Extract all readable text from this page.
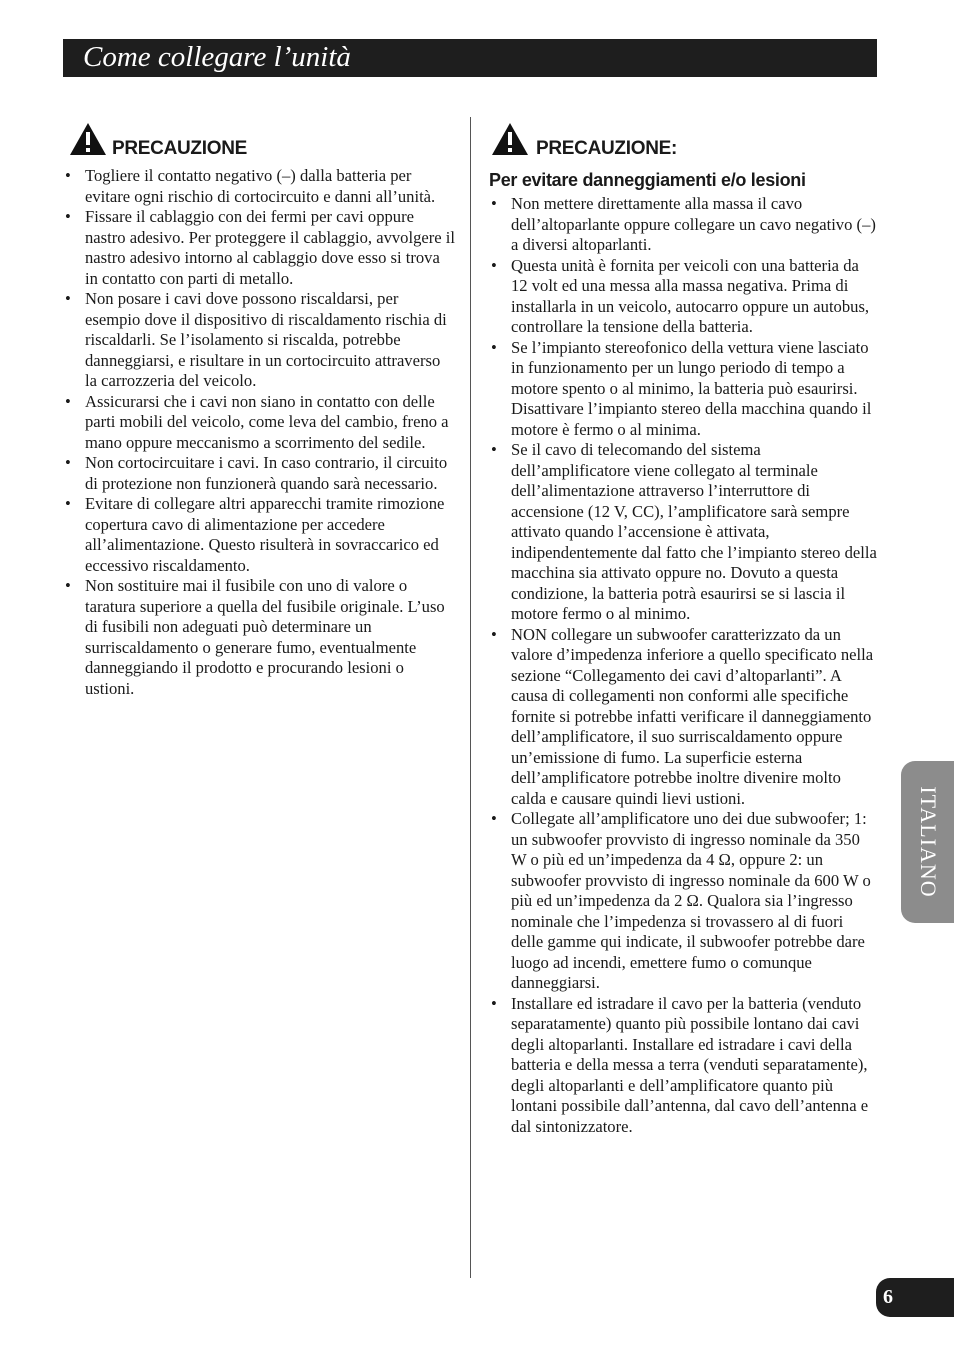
Come collegare l’unità
PRECAUZIONE
• Togliere il contatto negativo (–) dalla batteria per evitare ogni rischio di cortocircuito e danni all’unità.
• Fissare il cablaggio con dei fermi per cavi oppure nastro adesivo. Per proteggere il cablaggio, avvolgere il nastro adesivo intorno al cablaggio dove esso si trova in contatto con parti di metallo.
• Non posare i cavi dove possono riscaldarsi, per esempio dove il dispositivo di riscaldamento rischia di riscaldarli. Se l’isolamento si riscalda, potrebbe danneggiarsi, e risultare in un cortocircuito attraverso la carrozzeria del veicolo.
• Assicurarsi che i cavi non siano in contatto con delle parti mobili del veicolo, come leva del cambio, freno a mano oppure meccanismo a scorrimento del sedile.
• Non cortocircuitare i cavi. In caso contrario, il circuito di protezione non funzionerà quando sarà necessario.
• Evitare di collegare altri apparecchi tramite rimozione copertura cavo di alimentazione per accedere all’alimentazione. Questo risulterà in sovraccarico ed eccessivo riscaldamento.
• Non sostituire mai il fusibile con uno di valore o taratura superiore a quella del fusibile originale. L’uso di fusibili non adeguati può determinare un surriscaldamento o generare fumo, eventualmente danneggiando il prodotto e procurando lesioni o ustioni.
PRECAUZIONE:
Per evitare danneggiamenti e/o lesioni
• Non mettere direttamente alla massa il cavo dell’altoparlante oppure collegare un cavo negativo (–) a diversi altoparlanti.
• Questa unità è fornita per veicoli con una batteria da 12 volt ed una messa alla massa negativa. Prima di installarla in un veicolo, autocarro oppure un autobus, controllare la tensione della batteria.
• Se l’impianto stereofonico della vettura viene lasciato in funzionamento per un lungo periodo di tempo a motore spento o al minimo, la batteria può esaurirsi. Disattivare l’impianto stereo della macchina quando il motore è fermo o al minima.
• Se il cavo di telecomando del sistema dell’amplificatore viene collegato al terminale dell’alimentazione attraverso l’interruttore di accensione (12 V, CC), l’amplificatore sarà sempre attivato quando l’accensione è attivata, indipendentemente dal fatto che l’impianto stereo della macchina sia attivato oppure no. Dovuto a questa condizione, la batteria potrà esaurirsi se si lascia il motore fermo o al minimo.
• NON collegare un subwoofer caratterizzato da un valore d’impedenza inferiore a quello specificato nella sezione “Collegamento dei cavi d’altoparlanti”. A causa di collegamenti non conformi alle specifiche fornite si potrebbe infatti verificare il danneggiamento dell’amplificatore, il suo surriscaldamento oppure un’emissione di fumo. La superficie esterna dell’amplificatore potrebbe inoltre divenire molto calda e causare quindi lievi ustioni.
• Collegate all’amplificatore uno dei due subwoofer; 1: un subwoofer provvisto di ingresso nominale da 350 W o più ed un’impedenza da 4 Ω, oppure 2: un subwoofer provvisto di ingresso nominale da 600 W o più ed un’impedenza da 2 Ω. Qualora sia l’ingresso nominale che l’impedenza si trovassero al di fuori delle gamme qui indicate, il subwoofer potrebbe dare luogo ad incendi, emettere fumo o comunque danneggiarsi.
• Installare ed istradare il cavo per la batteria (venduto separatamente) quanto più possibile lontano dai cavi degli altoparlanti. Installare ed istradare i cavi della batteria e della messa a terra (venduti separatamente), degli altoparlanti e dell’amplificatore quanto più lontani possibile dall’antenna, dal cavo dell’antenna e dal sintonizzatore.
ITALIANO
6
